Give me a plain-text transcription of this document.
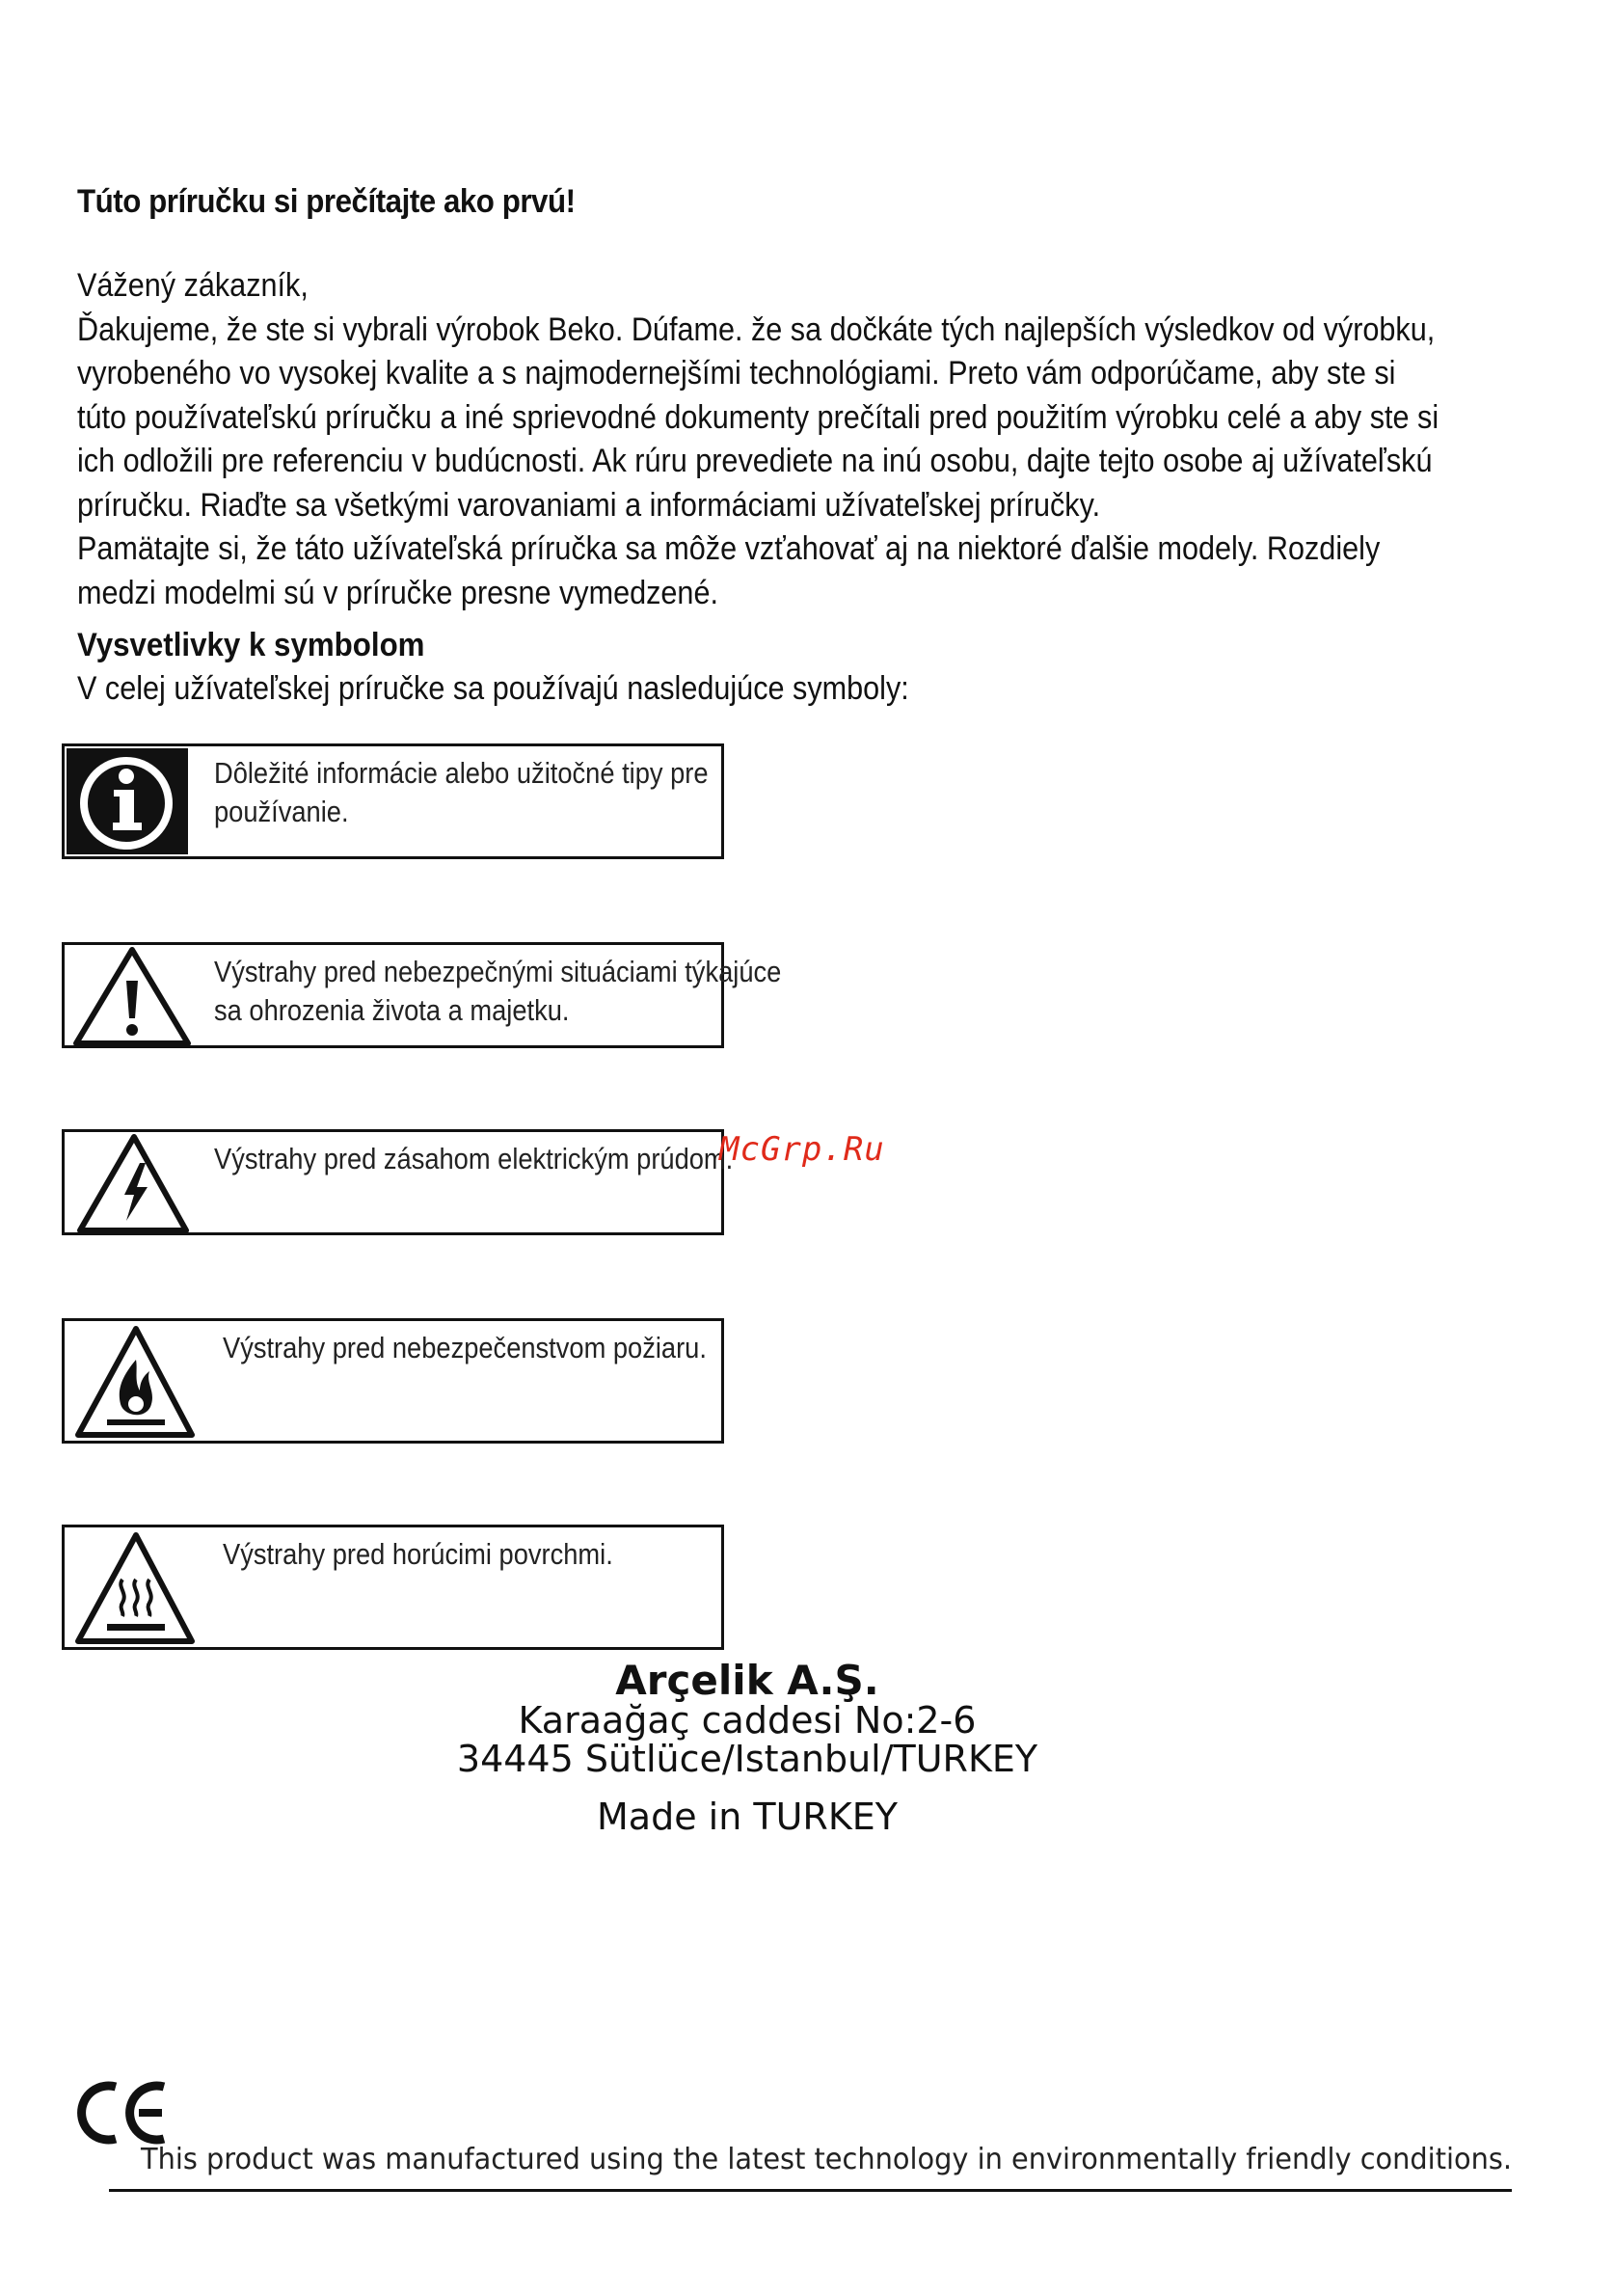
Túto príručku si prečítajte ako prvú!

Vážený zákazník,

Ďakujeme, že ste si vybrali výrobok Beko. Dúfame. že sa dočkáte tých najlepších výsledkov od výrobku, vyrobeného vo vysokej kvalite a s najmodernejšími technológiami. Preto vám odporúčame, aby ste si túto používateľskú príručku a iné sprievodné dokumenty prečítali pred použitím výrobku celé a aby ste si ich odložili pre referenciu v budúcnosti. Ak rúru prevediete na inú osobu, dajte tejto osobe aj užívateľskú príručku. Riaďte sa všetkými varovaniami a informáciami užívateľskej príručky.

Pamätajte si, že táto užívateľská príručka sa môže vzťahovať aj na niektoré ďalšie modely. Rozdiely medzi modelmi sú v príručke presne vymedzené.

Vysvetlivky k symbolom
V celej užívateľskej príručke sa používajú nasledujúce symboly:
Dôležité informácie alebo užitočné tipy pre používanie.
Výstrahy pred nebezpečnými situáciami týkajúce sa ohrozenia života a majetku.
Výstrahy pred zásahom elektrickým prúdom.
Výstrahy pred nebezpečenstvom požiaru.
Výstrahy pred horúcimi povrchmi.
McGrp.Ru
Arçelik A.Ş.
Karaağaç caddesi No:2-6
34445 Sütlüce/Istanbul/TURKEY
Made in TURKEY
This product was manufactured using the latest technology in environmentally friendly conditions.
